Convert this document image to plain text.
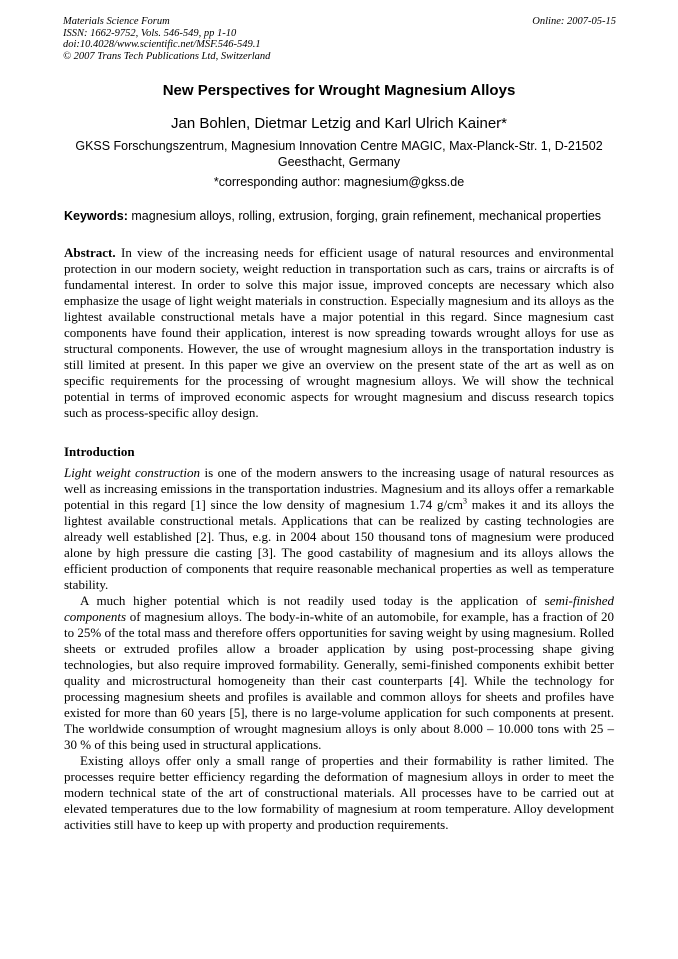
Materials Science Forum
ISSN: 1662-9752, Vols. 546-549, pp 1-10
doi:10.4028/www.scientific.net/MSF.546-549.1
© 2007 Trans Tech Publications Ltd, Switzerland
Online: 2007-05-15
New Perspectives for Wrought Magnesium Alloys
Jan Bohlen, Dietmar Letzig and Karl Ulrich Kainer*
GKSS Forschungszentrum, Magnesium Innovation Centre MAGIC, Max-Planck-Str. 1, D-21502 Geesthacht, Germany
*corresponding author: magnesium@gkss.de
Keywords: magnesium alloys, rolling, extrusion, forging, grain refinement, mechanical properties

Abstract. In view of the increasing needs for efficient usage of natural resources and environmental protection in our modern society, weight reduction in transportation such as cars, trains or aircrafts is of fundamental interest. In order to solve this major issue, improved concepts are necessary which also emphasize the usage of light weight materials in construction. Especially magnesium and its alloys as the lightest available constructional metals have a major potential in this regard. Since magnesium cast components have found their application, interest is now spreading towards wrought alloys for use as structural components. However, the use of wrought magnesium alloys in the transportation industry is still limited at present. In this paper we give an overview on the present state of the art as well as on specific requirements for the processing of wrought magnesium alloys. We will show the technical potential in terms of improved economic aspects for wrought magnesium and discuss research topics such as process-specific alloy design.

Introduction

Light weight construction is one of the modern answers to the increasing usage of natural resources as well as increasing emissions in the transportation industries. Magnesium and its alloys offer a remarkable potential in this regard [1] since the low density of magnesium 1.74 $g/cm^3$ makes it and its alloys the lightest available constructional metals. Applications that can be realized by casting technologies are already well established [2]. Thus, e.g. in 2004 about 150 thousand tons of magnesium were produced alone by high pressure die casting [3]. The good castability of magnesium and its alloys allows the efficient production of components that require reasonable mechanical properties as well as temperature stability.

A much higher potential which is not readily used today is the application of semi-finished components of magnesium alloys. The body-in-white of an automobile, for example, has a fraction of 20 to 25% of the total mass and therefore offers opportunities for saving weight by using magnesium. Rolled sheets or extruded profiles allow a broader application by using post-processing shape giving technologies, but also require improved formability. Generally, semi-finished components exhibit better quality and microstructural homogeneity than their cast counterparts [4]. While the technology for processing magnesium sheets and profiles is available and common alloys for sheets and profiles have existed for more than 60 years [5], there is no large-volume application for such components at present. The worldwide consumption of wrought magnesium alloys is only about 8.000 – 10.000 tons with 25 – 30 % of this being used in structural applications.

Existing alloys offer only a small range of properties and their formability is rather limited. The processes require better efficiency regarding the deformation of magnesium alloys in order to meet the modern technical state of the art of constructional materials. All processes have to be carried out at elevated temperatures due to the low formability of magnesium at room temperature. Alloy development activities still have to keep up with property and production requirements.
